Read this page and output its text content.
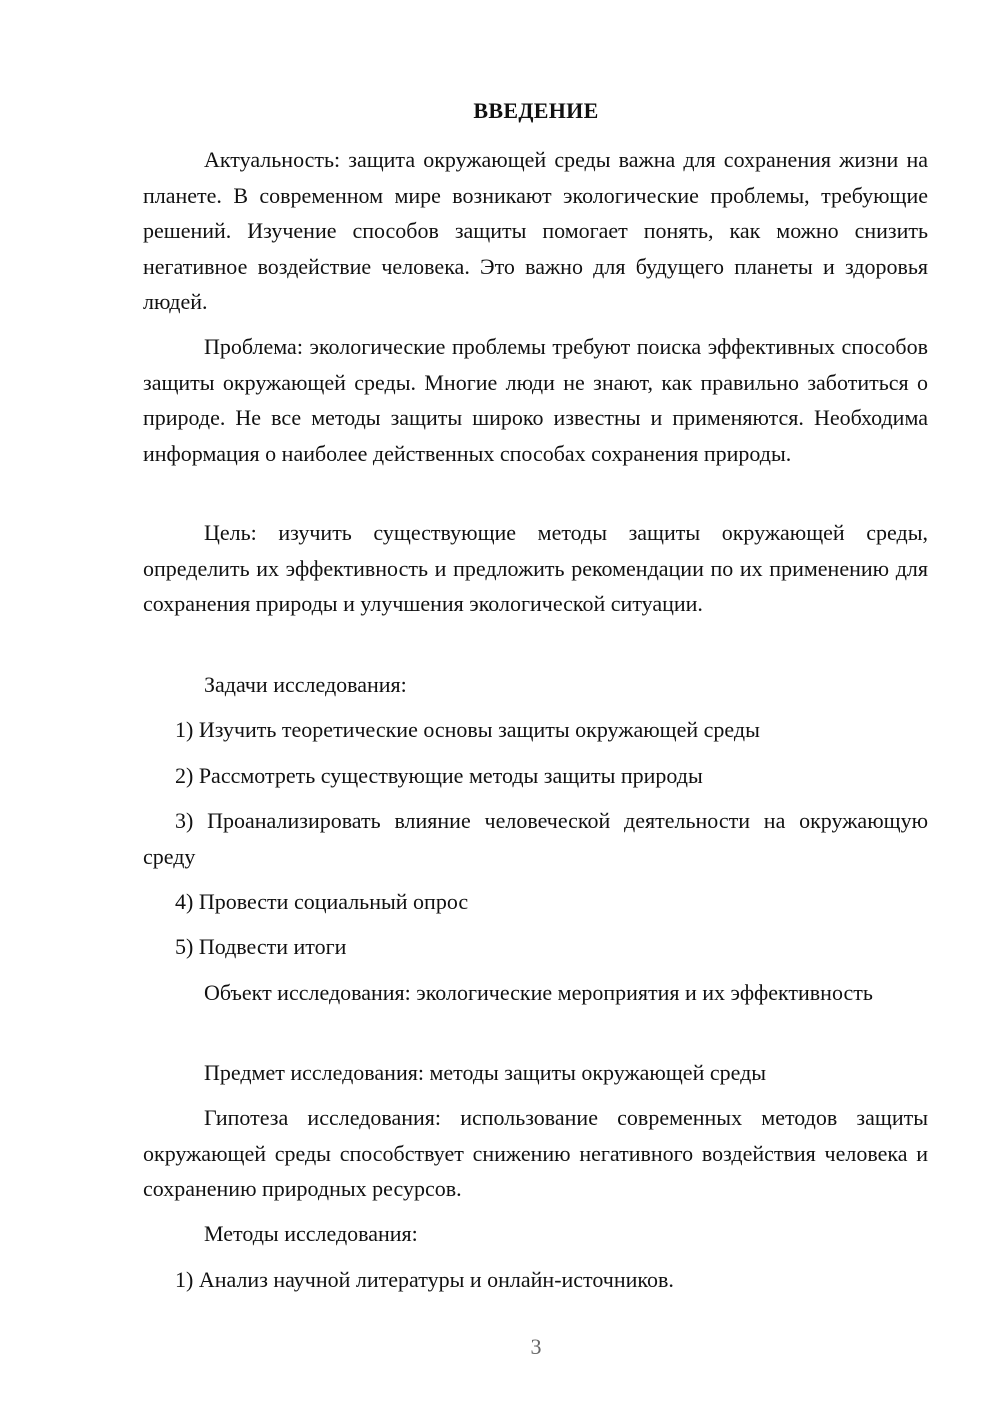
ВВЕДЕНИЕ

Актуальность: защита окружающей среды важна для сохранения жизни на планете. В современном мире возникают экологические проблемы, требующие решений. Изучение способов защиты помогает понять, как можно снизить негативное воздействие человека. Это важно для будущего планеты и здоровья людей.

Проблема: экологические проблемы требуют поиска эффективных способов защиты окружающей среды. Многие люди не знают, как правильно заботиться о природе. Не все методы защиты широко известны и применяются. Необходима информация о наиболее действенных способах сохранения природы.

Цель: изучить существующие методы защиты окружающей среды, определить их эффективность и предложить рекомендации по их применению для сохранения природы и улучшения экологической ситуации.

Задачи исследования:

1) Изучить теоретические основы защиты окружающей среды

2) Рассмотреть существующие методы защиты природы

3) Проанализировать влияние человеческой деятельности на окружающую среду

4) Провести социальный опрос

5) Подвести итоги

Объект исследования: экологические мероприятия и их эффективность

Предмет исследования: методы защиты окружающей среды

Гипотеза исследования: использование современных методов защиты окружающей среды способствует снижению негативного воздействия человека и сохранению природных ресурсов.

Методы исследования:

1) Анализ научной литературы и онлайн-источников.

3
